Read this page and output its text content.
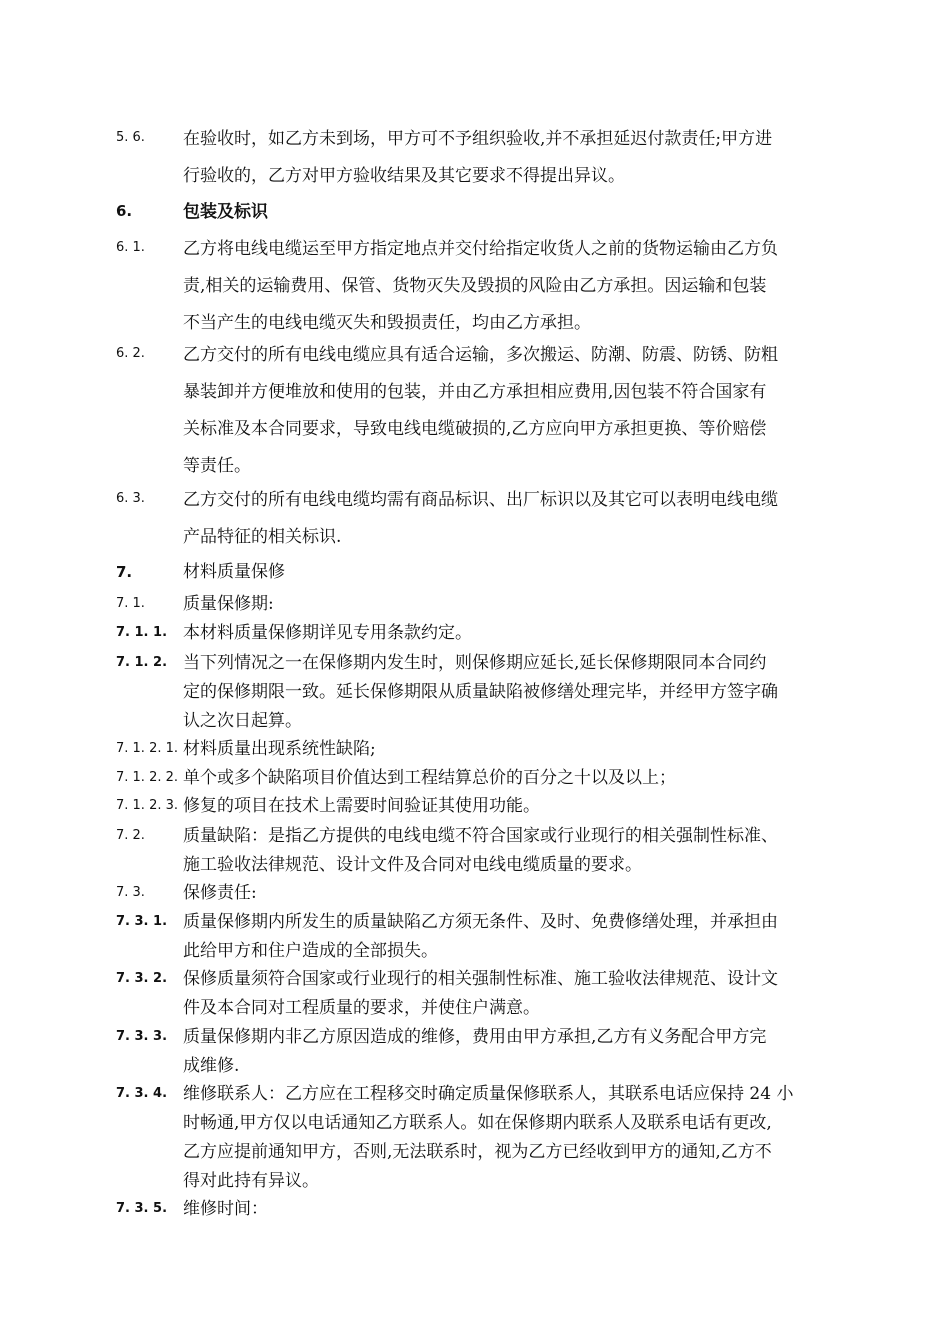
5. 6. 在验收时，如乙方未到场，甲方可不予组织验收,并不承担延迟付款责任;甲方进
行验收的，乙方对甲方验收结果及其它要求不得提出异议。
6.	包装及标识
6. 1. 乙方将电线电缆运至甲方指定地点并交付给指定收货人之前的货物运输由乙方负
责,相关的运输费用、保管、货物灭失及毁损的风险由乙方承担。因运输和包装
不当产生的电线电缆灭失和毁损责任，均由乙方承担。
6. 2. 乙方交付的所有电线电缆应具有适合运输，多次搬运、防潮、防震、防锈、防粗
暴装卸并方便堆放和使用的包装，并由乙方承担相应费用,因包装不符合国家有
关标准及本合同要求，导致电线电缆破损的,乙方应向甲方承担更换、等价赔偿
等责任。
6. 3. 乙方交付的所有电线电缆均需有商品标识、出厂标识以及其它可以表明电线电缆
产品特征的相关标识.
7.	材料质量保修
7. 1. 质量保修期:
7. 1. 1. 本材料质量保修期详见专用条款约定。
7. 1. 2. 当下列情况之一在保修期内发生时，则保修期应延长,延长保修期限同本合同约
定的保修期限一致。延长保修期限从质量缺陷被修缮处理完毕，并经甲方签字确
认之次日起算。
7. 1. 2. 1. 材料质量出现系统性缺陷;
7. 1. 2. 2. 单个或多个缺陷项目价值达到工程结算总价的百分之十以及以上；
7. 1. 2. 3. 修复的项目在技术上需要时间验证其使用功能。
7. 2. 质量缺陷：是指乙方提供的电线电缆不符合国家或行业现行的相关强制性标准、
施工验收法律规范、设计文件及合同对电线电缆质量的要求。
7. 3. 保修责任:
7. 3. 1. 质量保修期内所发生的质量缺陷乙方须无条件、及时、免费修缮处理，并承担由
此给甲方和住户造成的全部损失。
7. 3. 2. 保修质量须符合国家或行业现行的相关强制性标准、施工验收法律规范、设计文
件及本合同对工程质量的要求，并使住户满意。
7. 3. 3. 质量保修期内非乙方原因造成的维修，费用由甲方承担,乙方有义务配合甲方完
成维修.
7. 3. 4. 维修联系人：乙方应在工程移交时确定质量保修联系人，其联系电话应保持 24 小
时畅通,甲方仅以电话通知乙方联系人。如在保修期内联系人及联系电话有更改,
乙方应提前通知甲方，否则,无法联系时，视为乙方已经收到甲方的通知,乙方不
得对此持有异议。
7. 3. 5. 维修时间：
